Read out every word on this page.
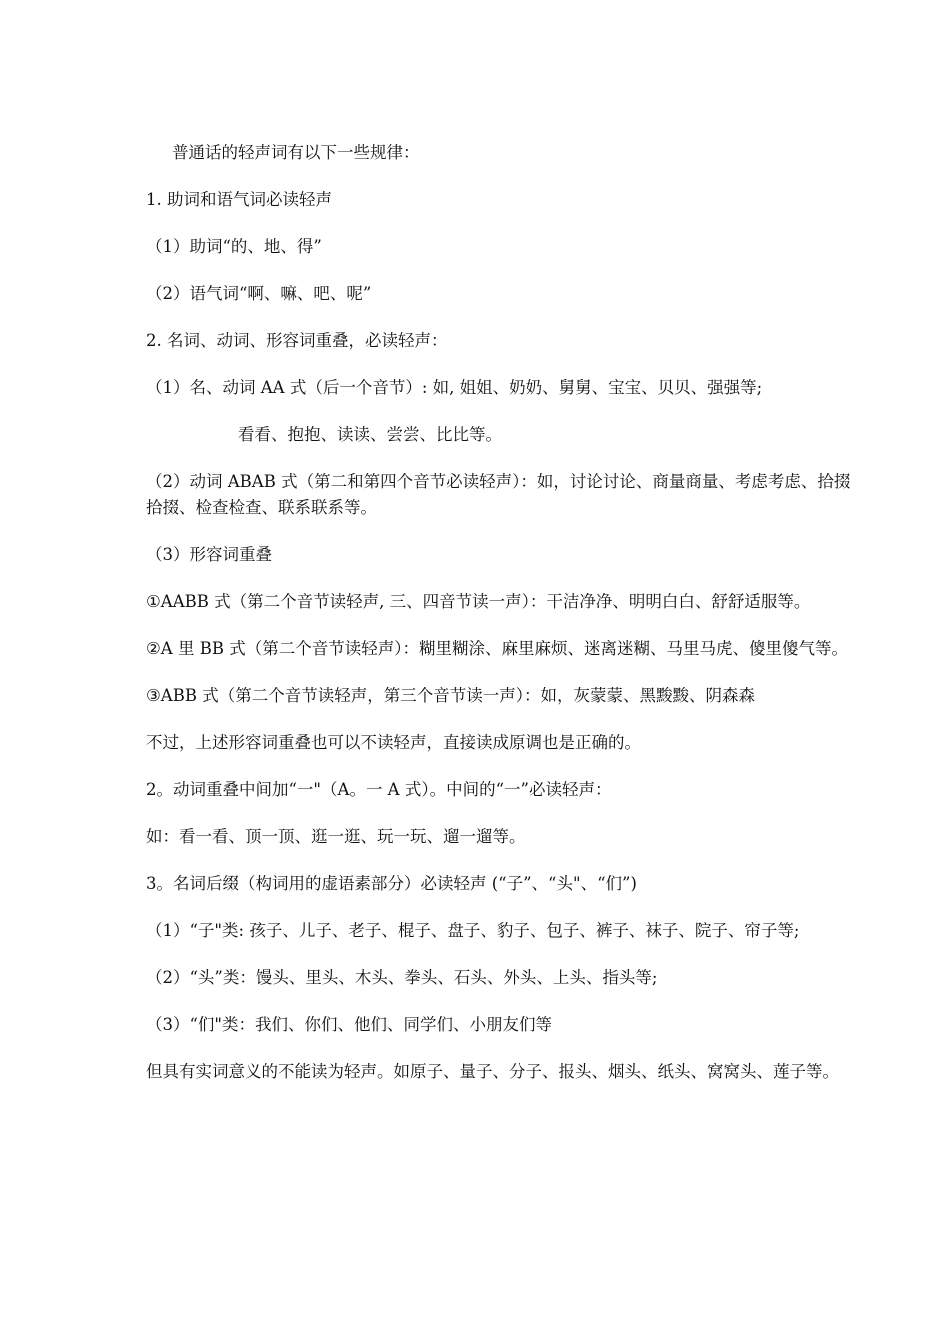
普通话的轻声词有以下一些规律：

1. 助词和语气词必读轻声

（1）助词“的、地、得”

（2）语气词“啊、嘛、吧、呢”

2. 名词、动词、形容词重叠，必读轻声：

（1）名、动词 AA 式（后一个音节）: 如, 姐姐、奶奶、舅舅、宝宝、贝贝、强强等;

看看、抱抱、读读、尝尝、比比等。

（2）动词 ABAB 式（第二和第四个音节必读轻声）：如，讨论讨论、商量商量、考虑考虑、拾掇拾掇、检查检查、联系联系等。

（3）形容词重叠

①AABB 式（第二个音节读轻声, 三、四音节读一声）：干洁净净、明明白白、舒舒适服等。

②A 里 BB 式（第二个音节读轻声）：糊里糊涂、麻里麻烦、迷离迷糊、马里马虎、傻里傻气等。

③ABB 式（第二个音节读轻声，第三个音节读一声）：如，灰蒙蒙、黑黢黢、阴森森

不过，上述形容词重叠也可以不读轻声，直接读成原调也是正确的。

2。动词重叠中间加“一"（A。一 A 式）。中间的“一”必读轻声：

如：看一看、顶一顶、逛一逛、玩一玩、遛一遛等。

3。名词后缀（构词用的虚语素部分）必读轻声 (“子”、“头"、“们”)

（1）“子"类: 孩子、儿子、老子、棍子、盘子、豹子、包子、裤子、袜子、院子、帘子等;

（2）“头”类：馒头、里头、木头、拳头、石头、外头、上头、指头等;

（3）“们"类：我们、你们、他们、同学们、小朋友们等

但具有实词意义的不能读为轻声。如原子、量子、分子、报头、烟头、纸头、窝窝头、莲子等。
